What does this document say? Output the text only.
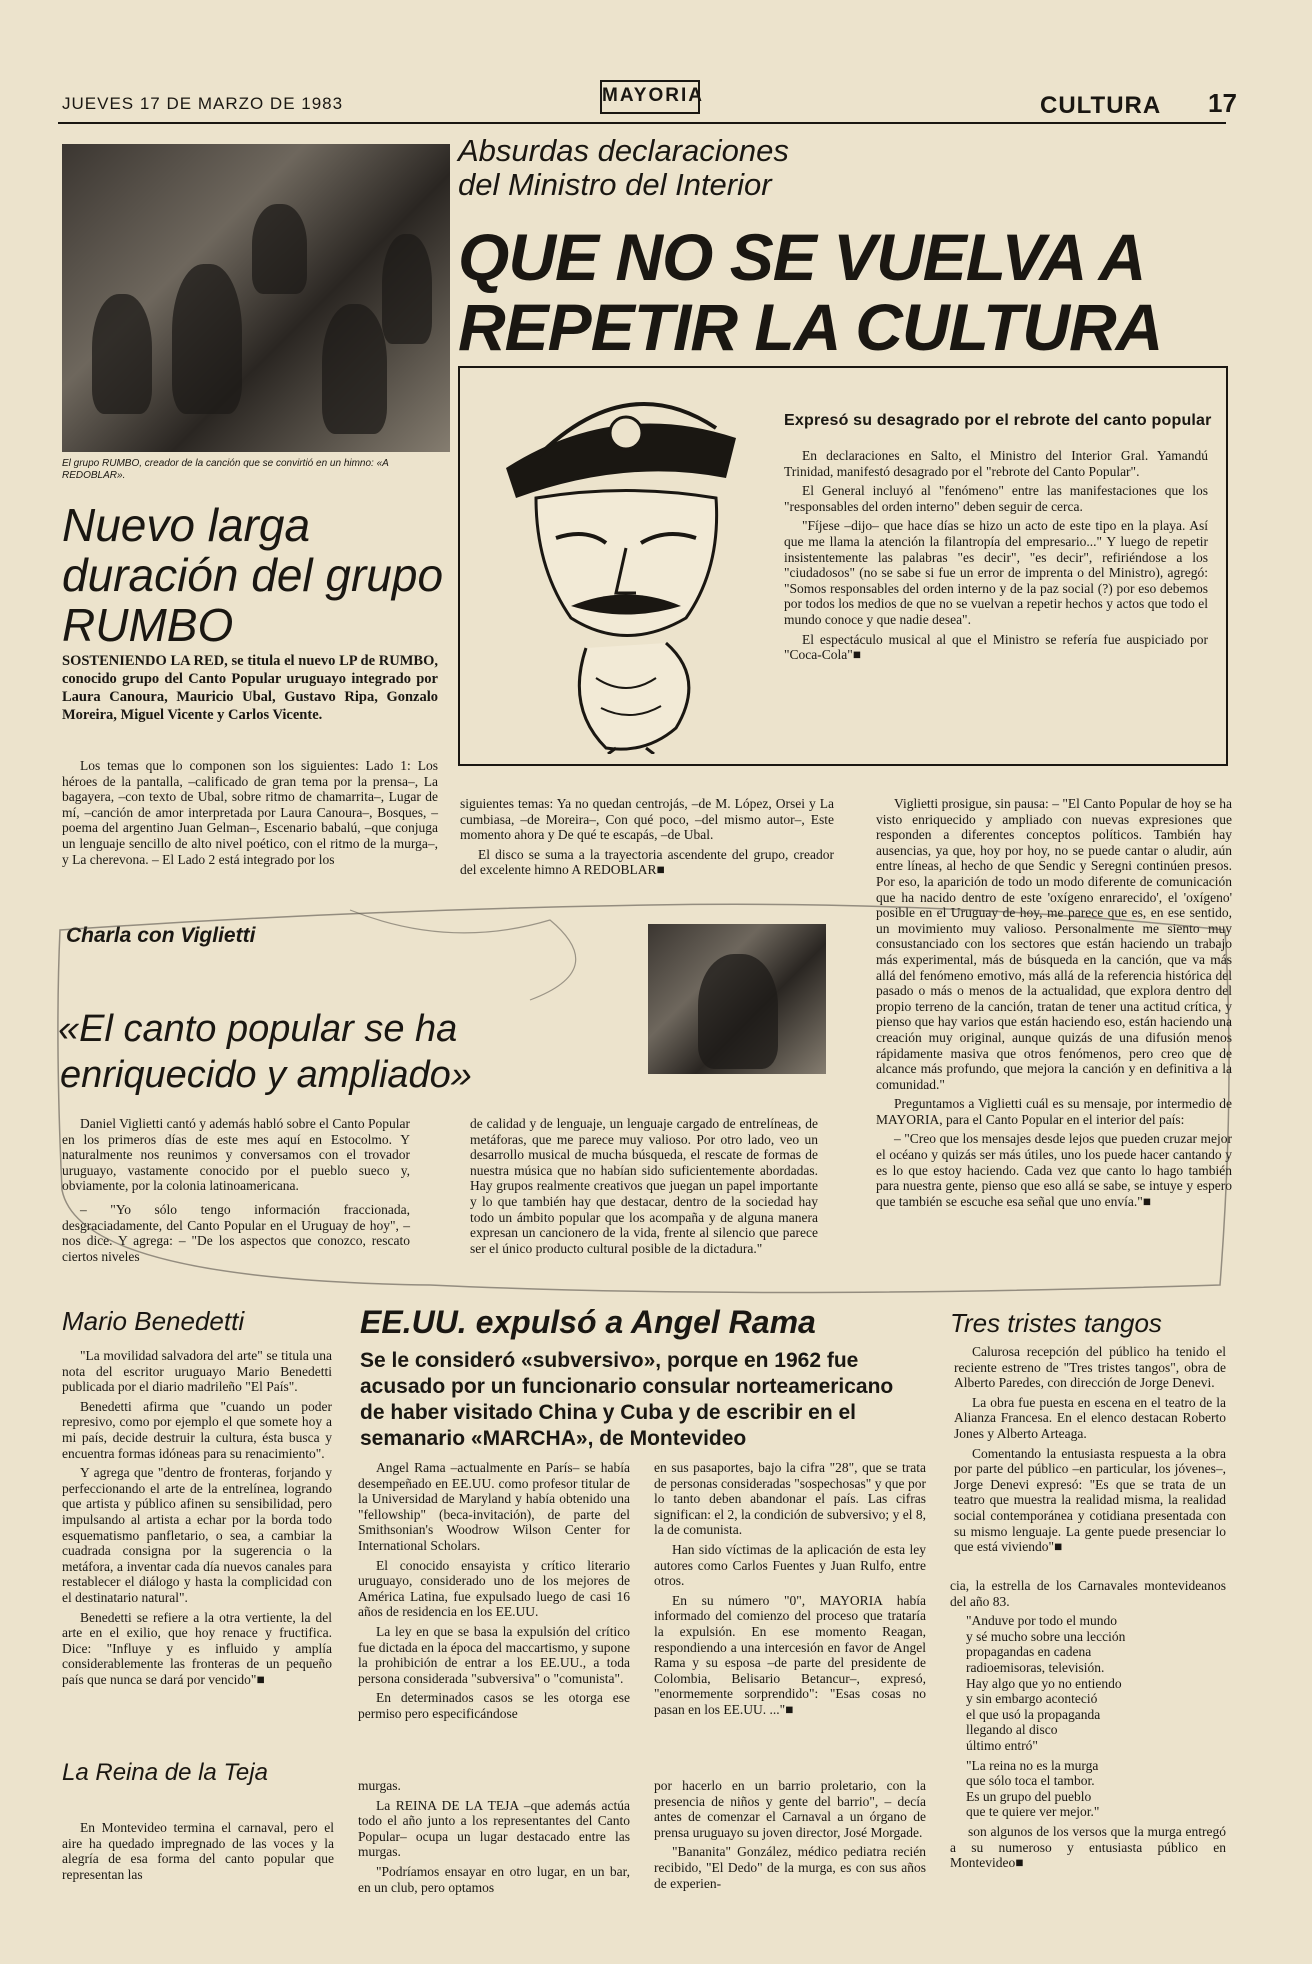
JUEVES 17 DE MARZO DE 1983	MAYORIA	CULTURA 17
El grupo RUMBO, creador de la canción que se convirtió en un himno: «A REDOBLAR».
Absurdas declaraciones
del Ministro del Interior
QUE NO SE VUELVA A
REPETIR LA CULTURA
Expresó su desagrado por el rebrote del canto popular

En declaraciones en Salto, el Ministro del Interior Gral. Yamandú Trinidad, manifestó desagrado por el "rebrote del Canto Popular".

El General incluyó al "fenómeno" entre las manifestaciones que los "responsables del orden interno" deben seguir de cerca.

"Fíjese –dijo– que hace días se hizo un acto de este tipo en la playa. Así que me llama la atención la filantropía del empresario..." Y luego de repetir insistentemente las palabras "es decir", "es decir", refiriéndose a los "ciudadosos" (no se sabe si fue un error de imprenta o del Ministro), agregó: "Somos responsables del orden interno y de la paz social (?) por eso debemos por todos los medios de que no se vuelvan a repetir hechos y actos que todo el mundo conoce y que nadie desea".

El espectáculo musical al que el Ministro se refería fue auspiciado por "Coca-Cola"■

Nuevo larga
duración del grupo
RUMBO
SOSTENIENDO LA RED, se titula el nuevo LP de RUMBO, conocido grupo del Canto Popular uruguayo integrado por Laura Canoura, Mauricio Ubal, Gustavo Ripa, Gonzalo Moreira, Miguel Vicente y Carlos Vicente.

Los temas que lo componen son los siguientes: Lado 1: Los héroes de la pantalla, –calificado de gran tema por la prensa–, La bagayera, –con texto de Ubal, sobre ritmo de chamarrita–, Lugar de mí, –canción de amor interpretada por Laura Canoura–, Bosques, –poema del argentino Juan Gelman–, Escenario babalú, –que conjuga un lenguaje sencillo de alto nivel poético, con el ritmo de la murga–, y La cherevona. – El Lado 2 está integrado por los

siguientes temas: Ya no quedan centrojás, –de M. López, Orsei y La cumbiasa, –de Moreira–, Con qué poco, –del mismo autor–, Este momento ahora y De qué te escapás, –de Ubal.

El disco se suma a la trayectoria ascendente del grupo, creador del excelente himno A REDOBLAR■

Charla con Viglietti
«El canto popular se ha
enriquecido y ampliado»

Daniel Viglietti cantó y además habló sobre el Canto Popular en los primeros días de este mes aquí en Estocolmo. Y naturalmente nos reunimos y conversamos con el trovador uruguayo, vastamente conocido por el pueblo sueco y, obviamente, por la colonia latinoamericana.

– "Yo sólo tengo información fraccionada, desgraciadamente, del Canto Popular en el Uruguay de hoy", – nos dice. Y agrega: – "De los aspectos que conozco, rescato ciertos niveles

de calidad y de lenguaje, un lenguaje cargado de entrelíneas, de metáforas, que me parece muy valioso. Por otro lado, veo un desarrollo musical de mucha búsqueda, el rescate de formas de nuestra música que no habían sido suficientemente abordadas. Hay grupos realmente creativos que juegan un papel importante y lo que también hay que destacar, dentro de la sociedad hay todo un ámbito popular que los acompaña y de alguna manera expresan un cancionero de la vida, frente al silencio que parece ser el único producto cultural posible de la dictadura."

Viglietti prosigue, sin pausa: – "El Canto Popular de hoy se ha visto enriquecido y ampliado con nuevas expresiones que responden a diferentes conceptos políticos. También hay ausencias, ya que, hoy por hoy, no se puede cantar o aludir, aún entre líneas, al hecho de que Sendic y Seregni continúen presos. Por eso, la aparición de todo un modo diferente de comunicación que ha nacido dentro de este 'oxígeno enrarecido', el 'oxígeno' posible en el Uruguay de hoy, me parece que es, en ese sentido, un movimiento muy valioso. Personalmente me siento muy consustanciado con los sectores que están haciendo un trabajo más experimental, más de búsqueda en la canción, que va más allá del fenómeno emotivo, más allá de la referencia histórica del pasado o más o menos de la actualidad, que explora dentro del propio terreno de la canción, tratan de tener una actitud crítica, y pienso que hay varios que están haciendo eso, están haciendo una creación muy original, aunque quizás de una difusión menos rápidamente masiva que otros fenómenos, pero creo que de alcance más profundo, que mejora la canción y en definitiva a la comunidad."

Preguntamos a Viglietti cuál es su mensaje, por intermedio de MAYORIA, para el Canto Popular en el interior del país:

– "Creo que los mensajes desde lejos que pueden cruzar mejor el océano y quizás ser más útiles, uno los puede hacer cantando y es lo que estoy haciendo. Cada vez que canto lo hago también para nuestra gente, pienso que eso allá se sabe, se intuye y espero que también se escuche esa señal que uno envía."■

Mario Benedetti

"La movilidad salvadora del arte" se titula una nota del escritor uruguayo Mario Benedetti publicada por el diario madrileño "El País".

Benedetti afirma que "cuando un poder represivo, como por ejemplo el que somete hoy a mi país, decide destruir la cultura, ésta busca y encuentra formas idóneas para su renacimiento".

Y agrega que "dentro de fronteras, forjando y perfeccionando el arte de la entrelínea, logrando que artista y público afinen su sensibilidad, pero impulsando al artista a echar por la borda todo esquematismo panfletario, o sea, a cambiar la cuadrada consigna por la sugerencia o la metáfora, a inventar cada día nuevos canales para restablecer el diálogo y hasta la complicidad con el destinatario natural".

Benedetti se refiere a la otra vertiente, la del arte en el exilio, que hoy renace y fructifica. Dice: "Influye y es influido y amplía considerablemente las fronteras de un pequeño país que nunca se dará por vencido"■

EE.UU. expulsó a Angel Rama
Se le consideró «subversivo», porque en 1962 fue acusado por un funcionario consular norteamericano de haber visitado China y Cuba y de escribir en el semanario «MARCHA», de Montevideo

Angel Rama –actualmente en París– se había desempeñado en EE.UU. como profesor titular de la Universidad de Maryland y había obtenido una "fellowship" (beca-invitación), de parte del Smithsonian's Woodrow Wilson Center for International Scholars.

El conocido ensayista y crítico literario uruguayo, considerado uno de los mejores de América Latina, fue expulsado luego de casi 16 años de residencia en los EE.UU.

La ley en que se basa la expulsión del crítico fue dictada en la época del maccartismo, y supone la prohibición de entrar a los EE.UU., a toda persona considerada "subversiva" o "comunista".

En determinados casos se les otorga ese permiso pero especificándose

en sus pasaportes, bajo la cifra "28", que se trata de personas consideradas "sospechosas" y que por lo tanto deben abandonar el país. Las cifras significan: el 2, la condición de subversivo; y el 8, la de comunista.

Han sido víctimas de la aplicación de esta ley autores como Carlos Fuentes y Juan Rulfo, entre otros.

En su número "0", MAYORIA había informado del comienzo del proceso que trataría la expulsión. En ese momento Reagan, respondiendo a una intercesión en favor de Angel Rama y su esposa –de parte del presidente de Colombia, Belisario Betancur–, expresó, "enormemente sorprendido": "Esas cosas no pasan en los EE.UU. ..."■

Tres tristes tangos

Calurosa recepción del público ha tenido el reciente estreno de "Tres tristes tangos", obra de Alberto Paredes, con dirección de Jorge Denevi.

La obra fue puesta en escena en el teatro de la Alianza Francesa. En el elenco destacan Roberto Jones y Alberto Arteaga.

Comentando la entusiasta respuesta a la obra por parte del público –en particular, los jóvenes–, Jorge Denevi expresó: "Es que se trata de un teatro que muestra la realidad misma, la realidad social contemporánea y cotidiana presentada con su mismo lenguaje. La gente puede presenciar lo que está viviendo"■

La Reina de la Teja

En Montevideo termina el carnaval, pero el aire ha quedado impregnado de las voces y la alegría de esa forma del canto popular que representan las

murgas.

La REINA DE LA TEJA –que además actúa todo el año junto a los representantes del Canto Popular– ocupa un lugar destacado entre las murgas.

"Podríamos ensayar en otro lugar, en un bar, en un club, pero optamos

por hacerlo en un barrio proletario, con la presencia de niños y gente del barrio", – decía antes de comenzar el Carnaval a un órgano de prensa uruguayo su joven director, José Morgade.

"Bananita" González, médico pediatra recién recibido, "El Dedo" de la murga, es con sus años de experien-

cia, la estrella de los Carnavales montevideanos del año 83.

"Anduve por todo el mundo
y sé mucho sobre una lección
propagandas en cadena
radioemisoras, televisión.
Hay algo que yo no entiendo
y sin embargo aconteció
el que usó la propaganda
llegando al disco
último entró"
"La reina no es la murga
que sólo toca el tambor.
Es un grupo del pueblo
que te quiere ver mejor."

son algunos de los versos que la murga entregó a su numeroso y entusiasta público en Montevideo■
